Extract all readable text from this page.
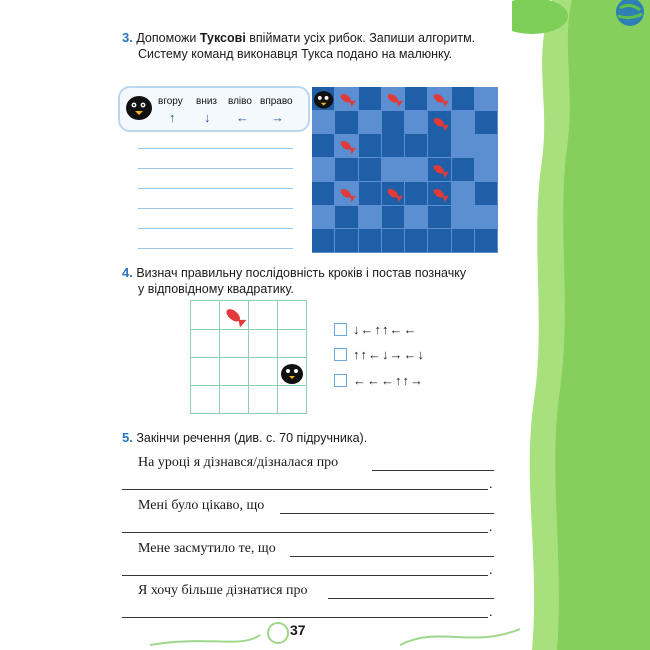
3. Допоможи Туксові впіймати усіх рибок. Запиши алгоритм.
Систему команд виконавця Тукса подано на малюнку.
вгору вниз вліво вправо
↑ ↓ ← →
4. Визнач правильну послідовність кроків і постав позначку
у відповідному квадратику.
↓←↑↑←←
↑↑←↓→←↓
←←←↑↑→
5. Закінчи речення (див. с. 70 підручника).
На уроці я дізнався/дізналася про
.
Мені було цікаво, що
.
Мене засмутило те, що
.
Я хочу більше дізнатися про
.
37
